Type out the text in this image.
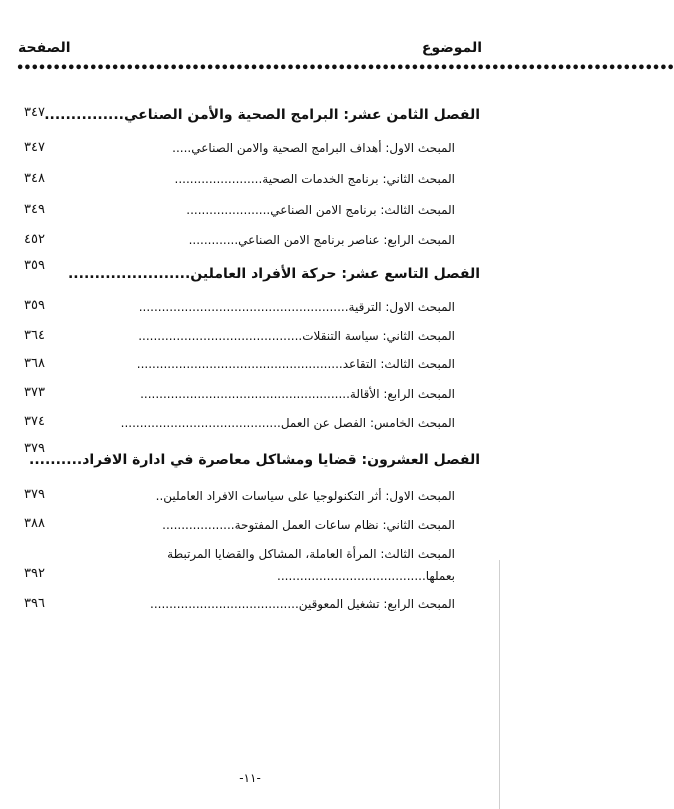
الموضوع
الصفحة
••••••••••••••••••••••••••••••••••••••••••••••••••••••••••••••••••••••••••••••••••••••••••
الفصل الثامن عشر: البرامج الصحية والأمن الصناعي...............
٣٤٧
المبحث الاول: أهداف البرامج الصحية والامن الصناعي.....
٣٤٧
المبحث الثاني: برنامج الخدمات الصحية.......................
٣٤٨
المبحث الثالث: برنامج الامن الصناعي......................
٣٤٩
المبحث الرابع: عناصر برنامج الامن الصناعي.............
٤٥٢
٣٥٩
الفصل التاسع عشر: حركة الأفراد العاملين.......................
المبحث الاول: الترقية.......................................................
٣٥٩
المبحث الثاني: سياسة التنقلات...........................................
٣٦٤
المبحث الثالث: التقاعد......................................................
٣٦٨
المبحث الرابع: الأقالة.......................................................
٣٧٣
المبحث الخامس: الفصل عن العمل..........................................
٣٧٤
٣٧٩
الفصل العشرون: قضايا ومشاكل معاصرة في ادارة الافراد..........
المبحث الاول: أثر التكنولوجيا على سياسات الافراد العاملين..
٣٧٩
المبحث الثاني: نظام ساعات العمل المفتوحة...................
٣٨٨
المبحث الثالث: المرأة العاملة، المشاكل والقضايا المرتبطة بعملها.......................................
٣٩٢
المبحث الرابع: تشغيل المعوقين.......................................
٣٩٦
-١١-
